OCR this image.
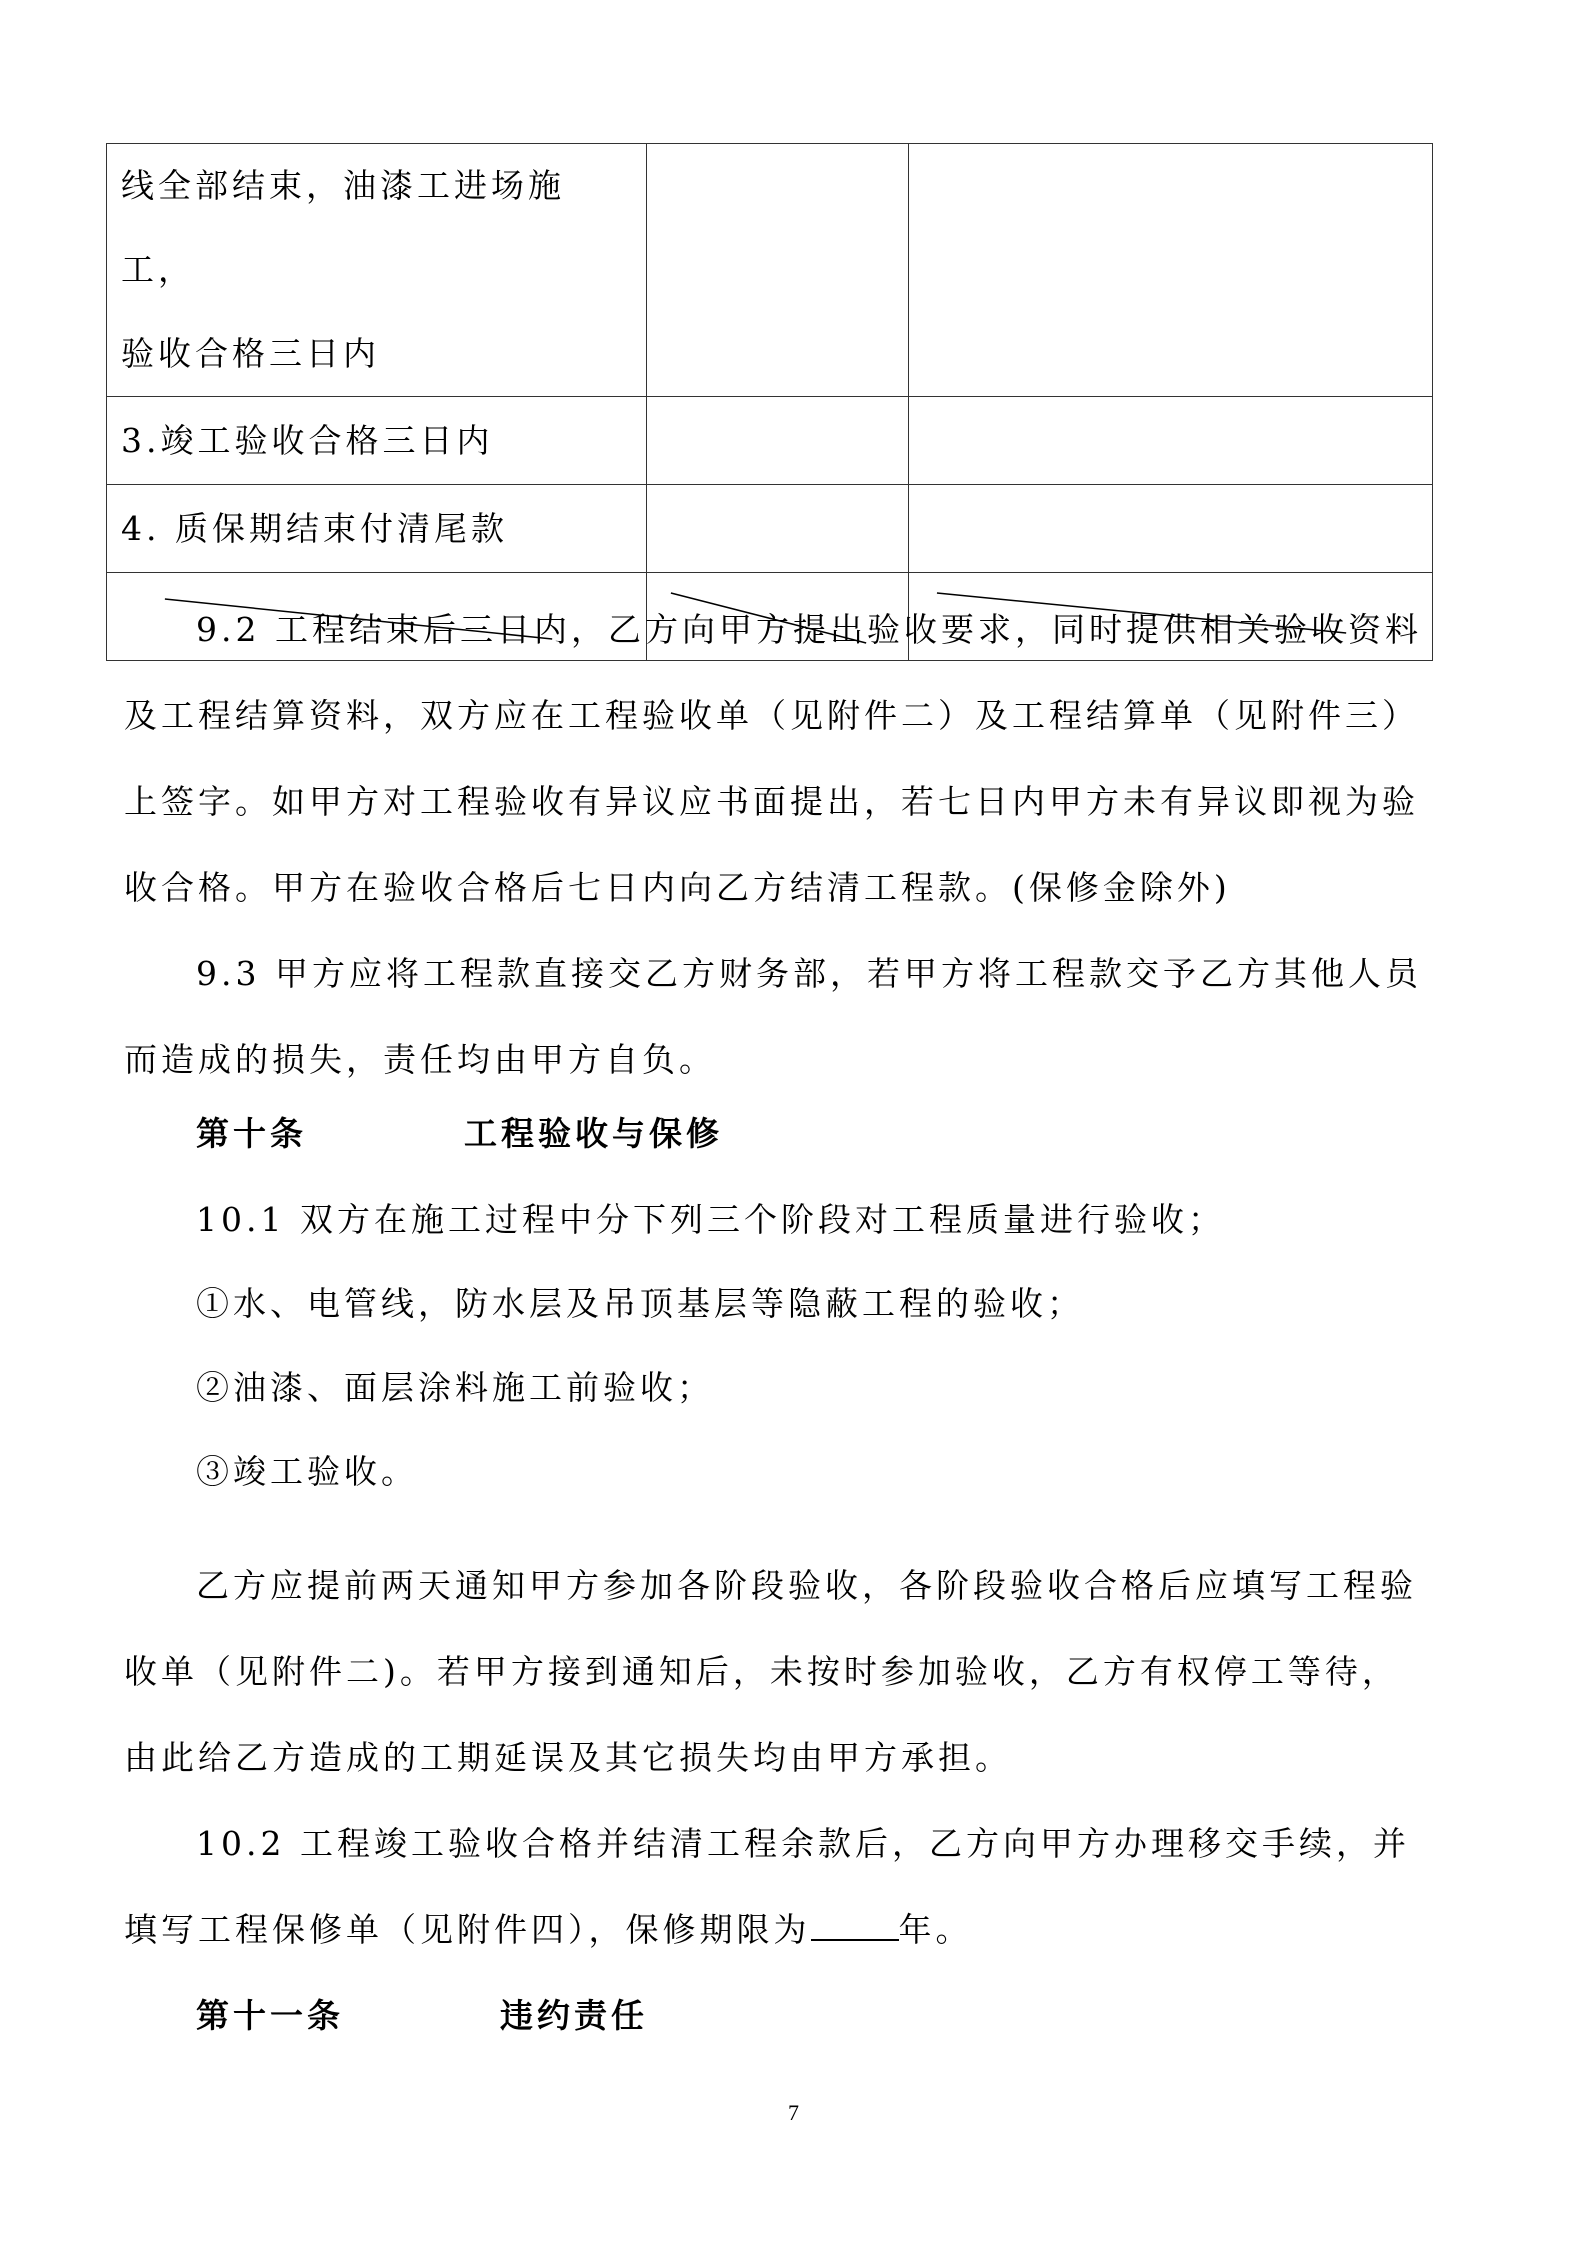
线全部结束，油漆工进场施工，
验收合格三日内		

3.竣工验收合格三日内		

4. 质保期结束付清尾款		

9.2 工程结束后三日内，乙方向甲方提出验收要求，同时提供相关验收资料
及工程结算资料，双方应在工程验收单（见附件二）及工程结算单（见附件三）
上签字。如甲方对工程验收有异议应书面提出，若七日内甲方未有异议即视为验
收合格。甲方在验收合格后七日内向乙方结清工程款。(保修金除外)
9.3 甲方应将工程款直接交乙方财务部，若甲方将工程款交予乙方其他人员
而造成的损失，责任均由甲方自负。
第十条	工程验收与保修
10.1 双方在施工过程中分下列三个阶段对工程质量进行验收；
①水、电管线，防水层及吊顶基层等隐蔽工程的验收；
②油漆、面层涂料施工前验收；
③竣工验收。
乙方应提前两天通知甲方参加各阶段验收，各阶段验收合格后应填写工程验
收单（见附件二)。若甲方接到通知后，未按时参加验收，乙方有权停工等待，
由此给乙方造成的工期延误及其它损失均由甲方承担。
10.2 工程竣工验收合格并结清工程余款后，乙方向甲方办理移交手续，并
填写工程保修单（见附件四），保修期限为	年。
第十一条	违约责任
7
